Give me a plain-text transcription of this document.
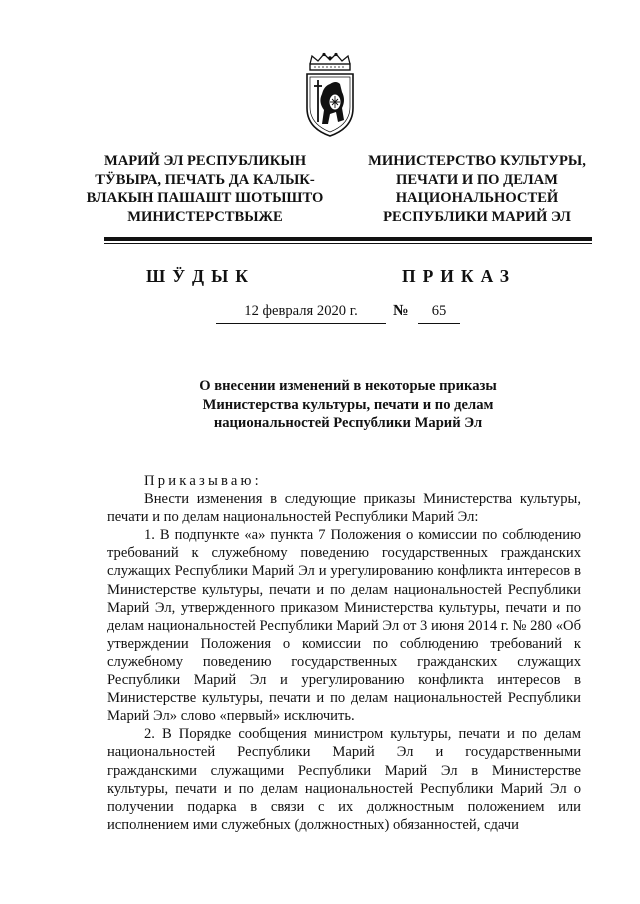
МАРИЙ ЭЛ РЕСПУБЛИКЫН
ТӰВЫРА, ПЕЧАТЬ ДА КАЛЫК-
ВЛАКЫН ПАШАШТ ШОТЫШТО
МИНИСТЕРСТВЫЖЕ
МИНИСТЕРСТВО КУЛЬТУРЫ,
ПЕЧАТИ И ПО ДЕЛАМ
НАЦИОНАЛЬНОСТЕЙ
РЕСПУБЛИКИ МАРИЙ ЭЛ
ШӰДЫК	ПРИКАЗ
12 февраля 2020 г.	№	65
О внесении изменений в некоторые приказы
Министерства культуры, печати и по делам
национальностей Республики Марий Эл

Приказываю:

Внести изменения в следующие приказы Министерства культуры, печати и по делам национальностей Республики Марий Эл:

1. В подпункте «а» пункта 7 Положения о комиссии по соблюдению требований к служебному поведению государственных гражданских служащих Республики Марий Эл и урегулированию конфликта интересов в Министерстве культуры, печати и по делам национальностей Республики Марий Эл, утвержденного приказом Министерства культуры, печати и по делам национальностей Республики Марий Эл от 3 июня 2014 г. № 280 «Об утверждении Положения о комиссии по соблюдению требований к служебному поведению государственных гражданских служащих Республики Марий Эл и урегулированию конфликта интересов в Министерстве культуры, печати и по делам национальностей Республики Марий Эл» слово «первый» исключить.

2. В Порядке сообщения министром культуры, печати и по делам национальностей Республики Марий Эл и государственными гражданскими служащими Республики Марий Эл в Министерстве культуры, печати и по делам национальностей Республики Марий Эл о получении подарка в связи с их должностным положением или исполнением ими служебных (должностных) обязанностей, сдачи
